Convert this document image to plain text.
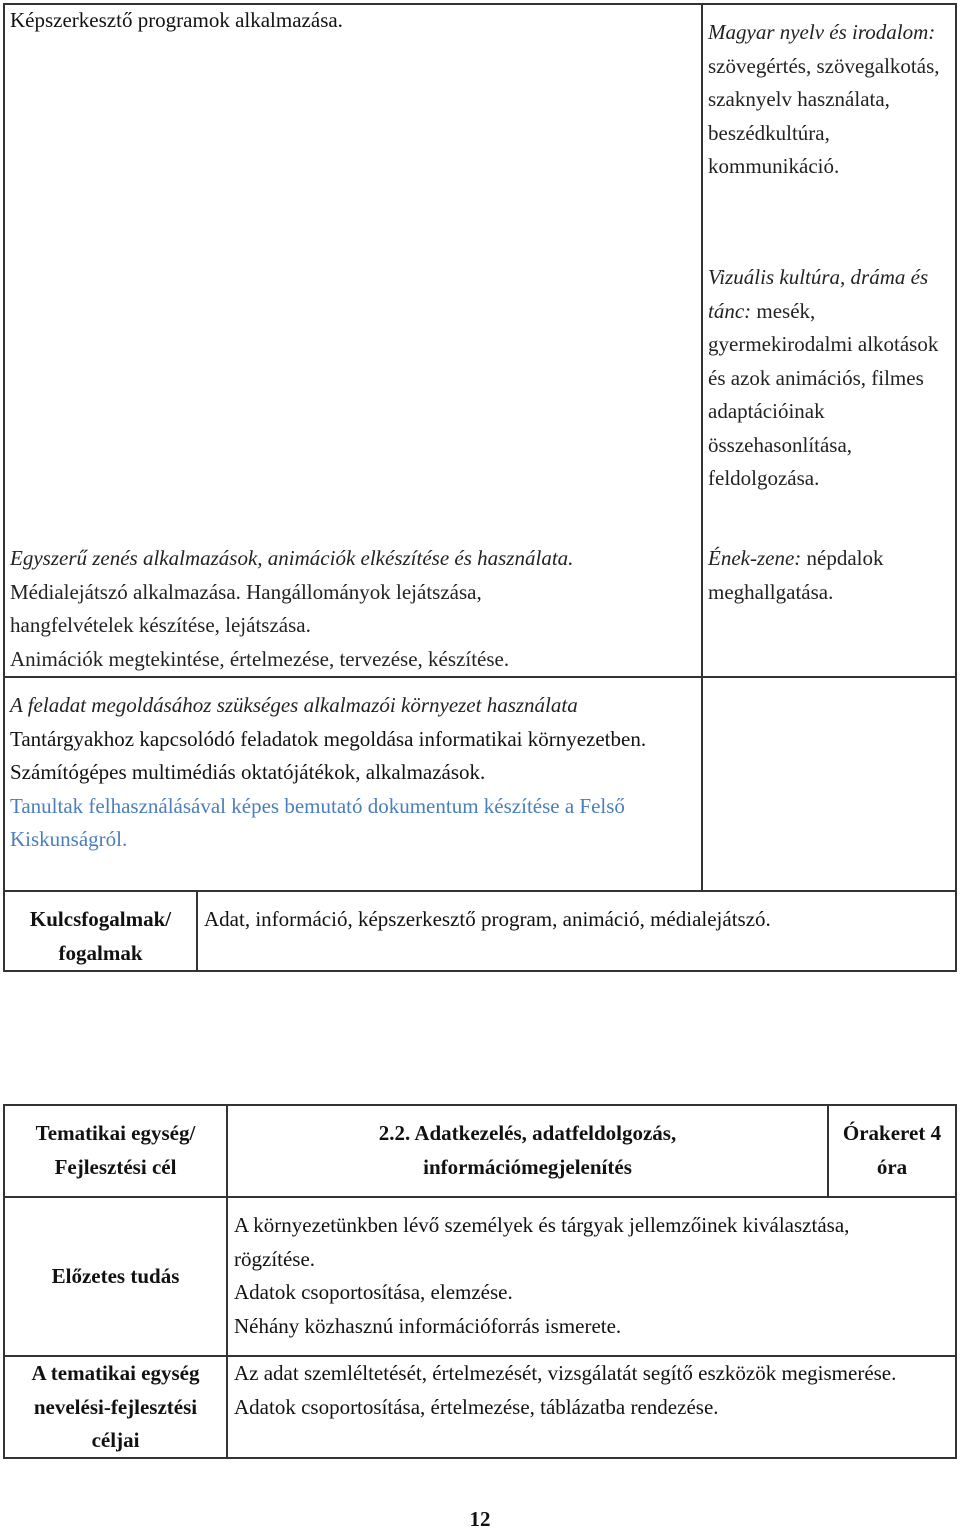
Képszerkesztő programok alkalmazása.	Magyar nyelv és irodalom: szövegértés, szövegalkotás, szaknyelv használata, beszédkultúra, kommunikáció.

Vizuális kultúra, dráma és tánc: mesék, gyermekirodalmi alkotások és azok animációs, filmes adaptációinak összehasonlítása, feldolgozása.

Egyszerű zenés alkalmazások, animációk elkészítése és használata.

Médialejátszó alkalmazása. Hangállományok lejátszása, hangfelvételek készítése, lejátszása.

Animációk megtekintése, értelmezése, tervezése, készítése.

Ének-zene: népdalok meghallgatása.

A feladat megoldásához szükséges alkalmazói környezet használata

Tantárgyakhoz kapcsolódó feladatok megoldása informatikai környezetben.

Számítógépes multimédiás oktatójátékok, alkalmazások.

Tanultak felhasználásával képes bemutató dokumentum készítése a Felső Kiskunságról.

Kulcsfogalmak/ fogalmak

Adat, információ, képszerkesztő program, animáció, médialejátszó.

Tematikai egység/ Fejlesztési cél

2.2. Adatkezelés, adatfeldolgozás, információmegjelenítés

Órakeret 4 óra

Előzetes tudás

A környezetünkben lévő személyek és tárgyak jellemzőinek kiválasztása, rögzítése.

Adatok csoportosítása, elemzése.

Néhány közhasznú információforrás ismerete.

A tematikai egység nevelési-fejlesztési céljai

Az adat szemléltetését, értelmezését, vizsgálatát segítő eszközök megismerése.

Adatok csoportosítása, értelmezése, táblázatba rendezése.

12
